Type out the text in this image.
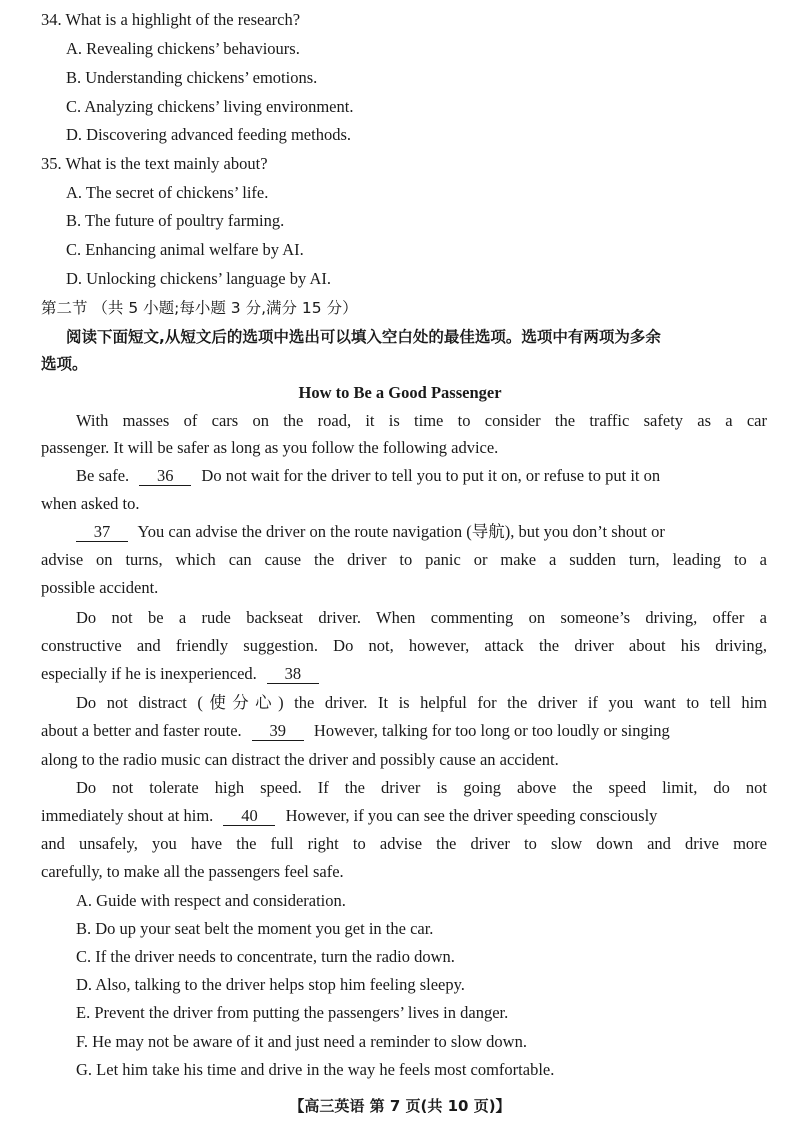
34. What is a highlight of the research?
A. Revealing chickens’ behaviours.
B. Understanding chickens’ emotions.
C. Analyzing chickens’ living environment.
D. Discovering advanced feeding methods.
35. What is the text mainly about?
A. The secret of chickens’ life.
B. The future of poultry farming.
C. Enhancing animal welfare by AI.
D. Unlocking chickens’ language by AI.
第二节 （共 5 小题;每小题 3 分,满分 15 分）
阅读下面短文,从短文后的选项中选出可以填入空白处的最佳选项。选项中有两项为多余
选项。
How to Be a Good Passenger
With masses of cars on the road, it is time to consider the traffic safety as a car
passenger. It will be safer as long as you follow the following advice.
Be safe. 36 Do not wait for the driver to tell you to put it on, or refuse to put it on
when asked to.
37 You can advise the driver on the route navigation (导航), but you don’t shout or
advise on turns, which can cause the driver to panic or make a sudden turn, leading to a
possible accident.
Do not be a rude backseat driver. When commenting on someone’s driving, offer a
constructive and friendly suggestion. Do not, however, attack the driver about his driving,
especially if he is inexperienced. 38
Do not distract (使分心) the driver. It is helpful for the driver if you want to tell him
about a better and faster route. 39 However, talking for too long or too loudly or singing
along to the radio music can distract the driver and possibly cause an accident.
Do not tolerate high speed. If the driver is going above the speed limit, do not
immediately shout at him. 40 However, if you can see the driver speeding consciously
and unsafely, you have the full right to advise the driver to slow down and drive more
carefully, to make all the passengers feel safe.
A. Guide with respect and consideration.
B. Do up your seat belt the moment you get in the car.
C. If the driver needs to concentrate, turn the radio down.
D. Also, talking to the driver helps stop him feeling sleepy.
E. Prevent the driver from putting the passengers’ lives in danger.
F. He may not be aware of it and just need a reminder to slow down.
G. Let him take his time and drive in the way he feels most comfortable.
【高三英语 第 7 页(共 10 页)】
